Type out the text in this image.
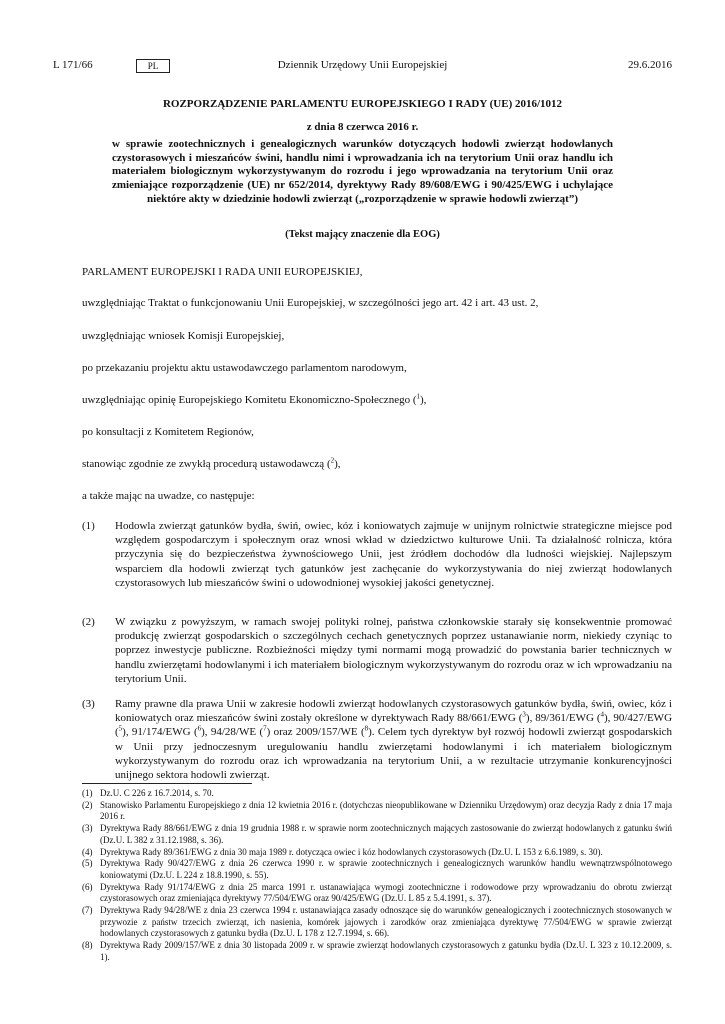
L 171/66	PL	Dziennik Urzędowy Unii Europejskiej	29.6.2016
ROZPORZĄDZENIE PARLAMENTU EUROPEJSKIEGO I RADY (UE) 2016/1012
z dnia 8 czerwca 2016 r.
w sprawie zootechnicznych i genealogicznych warunków dotyczących hodowli zwierząt hodowlanych czystorasowych i mieszańców świni, handlu nimi i wprowadzania ich na terytorium Unii oraz handlu ich materiałem biologicznym wykorzystywanym do rozrodu i jego wprowadzania na terytorium Unii oraz zmieniające rozporządzenie (UE) nr 652/2014, dyrektywy Rady 89/608/EWG i 90/425/EWG i uchylające niektóre akty w dziedzinie hodowli zwierząt („rozporządzenie w sprawie hodowli zwierząt”)
(Tekst mający znaczenie dla EOG)
PARLAMENT EUROPEJSKI I RADA UNII EUROPEJSKIEJ,
uwzględniając Traktat o funkcjonowaniu Unii Europejskiej, w szczególności jego art. 42 i art. 43 ust. 2,
uwzględniając wniosek Komisji Europejskiej,
po przekazaniu projektu aktu ustawodawczego parlamentom narodowym,
uwzględniając opinię Europejskiego Komitetu Ekonomiczno-Społecznego ($^1$),
po konsultacji z Komitetem Regionów,
stanowiąc zgodnie ze zwykłą procedurą ustawodawczą ($^2$),
a także mając na uwadze, co następuje:
(1) Hodowla zwierząt gatunków bydła, świń, owiec, kóz i koniowatych zajmuje w unijnym rolnictwie strategiczne miejsce pod względem gospodarczym i społecznym oraz wnosi wkład w dziedzictwo kulturowe Unii. Ta działalność rolnicza, która przyczynia się do bezpieczeństwa żywnościowego Unii, jest źródłem dochodów dla ludności wiejskiej. Najlepszym wsparciem dla hodowli zwierząt tych gatunków jest zachęcanie do wykorzystywania do niej zwierząt hodowlanych czystorasowych lub mieszańców świni o udowodnionej wysokiej jakości genetycznej.
(2) W związku z powyższym, w ramach swojej polityki rolnej, państwa członkowskie starały się konsekwentnie promować produkcję zwierząt gospodarskich o szczególnych cechach genetycznych poprzez ustanawianie norm, niekiedy czyniąc to poprzez inwestycje publiczne. Rozbieżności między tymi normami mogą prowadzić do powstania barier technicznych w handlu zwierzętami hodowlanymi i ich materiałem biologicznym wykorzystywanym do rozrodu oraz w ich wprowadzaniu na terytorium Unii.
(3) Ramy prawne dla prawa Unii w zakresie hodowli zwierząt hodowlanych czystorasowych gatunków bydła, świń, owiec, kóz i koniowatych oraz mieszańców świni zostały określone w dyrektywach Rady 88/661/EWG ($^3$), 89/361/EWG ($^4$), 90/427/EWG ($^5$), 91/174/EWG ($^6$), 94/28/WE ($^7$) oraz 2009/157/WE ($^8$). Celem tych dyrektyw był rozwój hodowli zwierząt gospodarskich w Unii przy jednoczesnym uregulowaniu handlu zwierzętami hodowlanymi i ich materiałem biologicznym wykorzystywanym do rozrodu oraz ich wprowadzania na terytorium Unii, a w rezultacie utrzymanie konkurencyjności unijnego sektora hodowli zwierząt.
(1) Dz.U. C 226 z 16.7.2014, s. 70.
(2) Stanowisko Parlamentu Europejskiego z dnia 12 kwietnia 2016 r. (dotychczas nieopublikowane w Dzienniku Urzędowym) oraz decyzja Rady z dnia 17 maja 2016 r.
(3) Dyrektywa Rady 88/661/EWG z dnia 19 grudnia 1988 r. w sprawie norm zootechnicznych mających zastosowanie do zwierząt hodowlanych z gatunku świń (Dz.U. L 382 z 31.12.1988, s. 36).
(4) Dyrektywa Rady 89/361/EWG z dnia 30 maja 1989 r. dotycząca owiec i kóz hodowlanych czystorasowych (Dz.U. L 153 z 6.6.1989, s. 30).
(5) Dyrektywa Rady 90/427/EWG z dnia 26 czerwca 1990 r. w sprawie zootechnicznych i genealogicznych warunków handlu wewnątrzwspólnotowego koniowatymi (Dz.U. L 224 z 18.8.1990, s. 55).
(6) Dyrektywa Rady 91/174/EWG z dnia 25 marca 1991 r. ustanawiająca wymogi zootechniczne i rodowodowe przy wprowadzaniu do obrotu zwierząt czystorasowych oraz zmieniająca dyrektywy 77/504/EWG oraz 90/425/EWG (Dz.U. L 85 z 5.4.1991, s. 37).
(7) Dyrektywa Rady 94/28/WE z dnia 23 czerwca 1994 r. ustanawiająca zasady odnoszące się do warunków genealogicznych i zootechnicznych stosowanych w przywozie z państw trzecich zwierząt, ich nasienia, komórek jajowych i zarodków oraz zmieniająca dyrektywę 77/504/EWG w sprawie zwierząt hodowlanych czystorasowych z gatunku bydła (Dz.U. L 178 z 12.7.1994, s. 66).
(8) Dyrektywa Rady 2009/157/WE z dnia 30 listopada 2009 r. w sprawie zwierząt hodowlanych czystorasowych z gatunku bydła (Dz.U. L 323 z 10.12.2009, s. 1).
